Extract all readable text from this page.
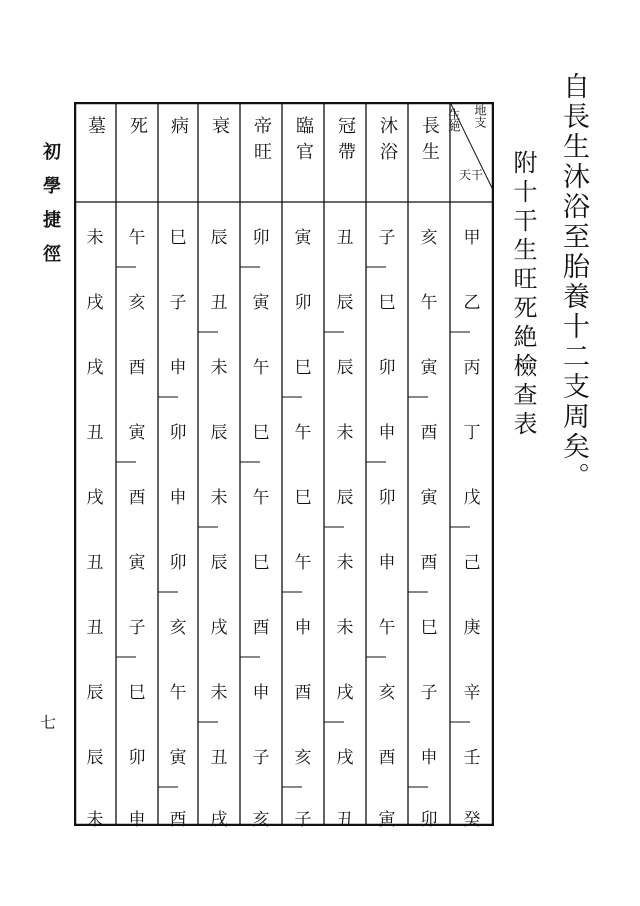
自長生沐浴至胎養十二支周矣。
附十干生旺死絶檢查表
初學捷徑
七
地支
生絶
天干
甲
乙
丙
丁
戊
己
庚
辛
壬
癸
長生
亥
午
寅
酉
寅
酉
巳
子
申
卯
沐浴
子
巳
卯
申
卯
申
午
亥
酉
寅
冠帶
丑
辰
辰
未
辰
未
未
戌
戌
丑
臨官
寅
卯
巳
午
巳
午
申
酉
亥
子
帝旺
卯
寅
午
巳
午
巳
酉
申
子
亥
衰
辰
丑
未
辰
未
辰
戌
未
丑
戌
病
巳
子
申
卯
申
卯
亥
午
寅
酉
死
午
亥
酉
寅
酉
寅
子
巳
卯
申
墓
未
戌
戌
丑
戌
丑
丑
辰
辰
未
